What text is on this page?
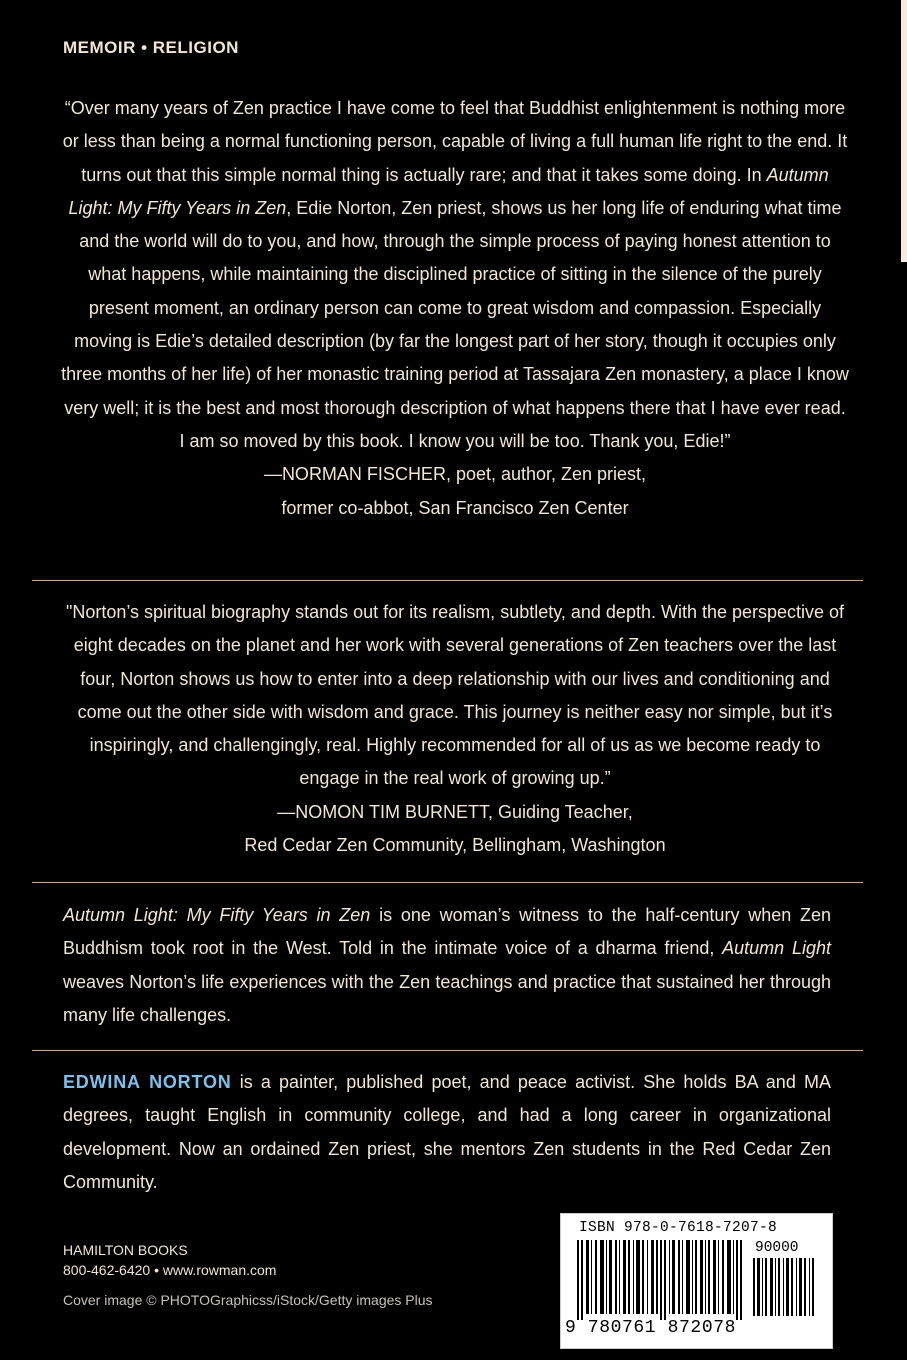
MEMOIR • RELIGION

“Over many years of Zen practice I have come to feel that Buddhist enlightenment is nothing more or less than being a normal functioning person, capable of living a full human life right to the end. It turns out that this simple normal thing is actually rare; and that it takes some doing. In Autumn Light: My Fifty Years in Zen, Edie Norton, Zen priest, shows us her long life of enduring what time and the world will do to you, and how, through the simple process of paying honest attention to what happens, while maintaining the disciplined practice of sitting in the silence of the purely present moment, an ordinary person can come to great wisdom and compassion. Especially moving is Edie’s detailed description (by far the longest part of her story, though it occupies only three months of her life) of her monastic training period at Tassajara Zen monastery, a place I know very well; it is the best and most thorough description of what happens there that I have ever read. I am so moved by this book. I know you will be too. Thank you, Edie!”

—NORMAN FISCHER, poet, author, Zen priest,

former co-abbot, San Francisco Zen Center

"Norton’s spiritual biography stands out for its realism, subtlety, and depth. With the perspective of eight decades on the planet and her work with several generations of Zen teachers over the last four, Norton shows us how to enter into a deep relationship with our lives and conditioning and come out the other side with wisdom and grace. This journey is neither easy nor simple, but it’s inspiringly, and challengingly, real. Highly recommended for all of us as we become ready to engage in the real work of growing up.”

—NOMON TIM BURNETT, Guiding Teacher,

Red Cedar Zen Community, Bellingham, Washington

Autumn Light: My Fifty Years in Zen is one woman’s witness to the half-century when Zen Buddhism took root in the West. Told in the intimate voice of a dharma friend, Autumn Light weaves Norton’s life experiences with the Zen teachings and practice that sustained her through many life challenges.

EDWINA NORTON is a painter, published poet, and peace activist. She holds BA and MA degrees, taught English in community college, and had a long career in organizational development. Now an ordained Zen priest, she mentors Zen students in the Red Cedar Zen Community.

HAMILTON BOOKS
800-462-6420 • www.rowman.com
Cover image © PHOTOGraphicss/iStock/Getty images Plus
ISBN 978-0-7618-7207-8
90000
9 780761 872078
